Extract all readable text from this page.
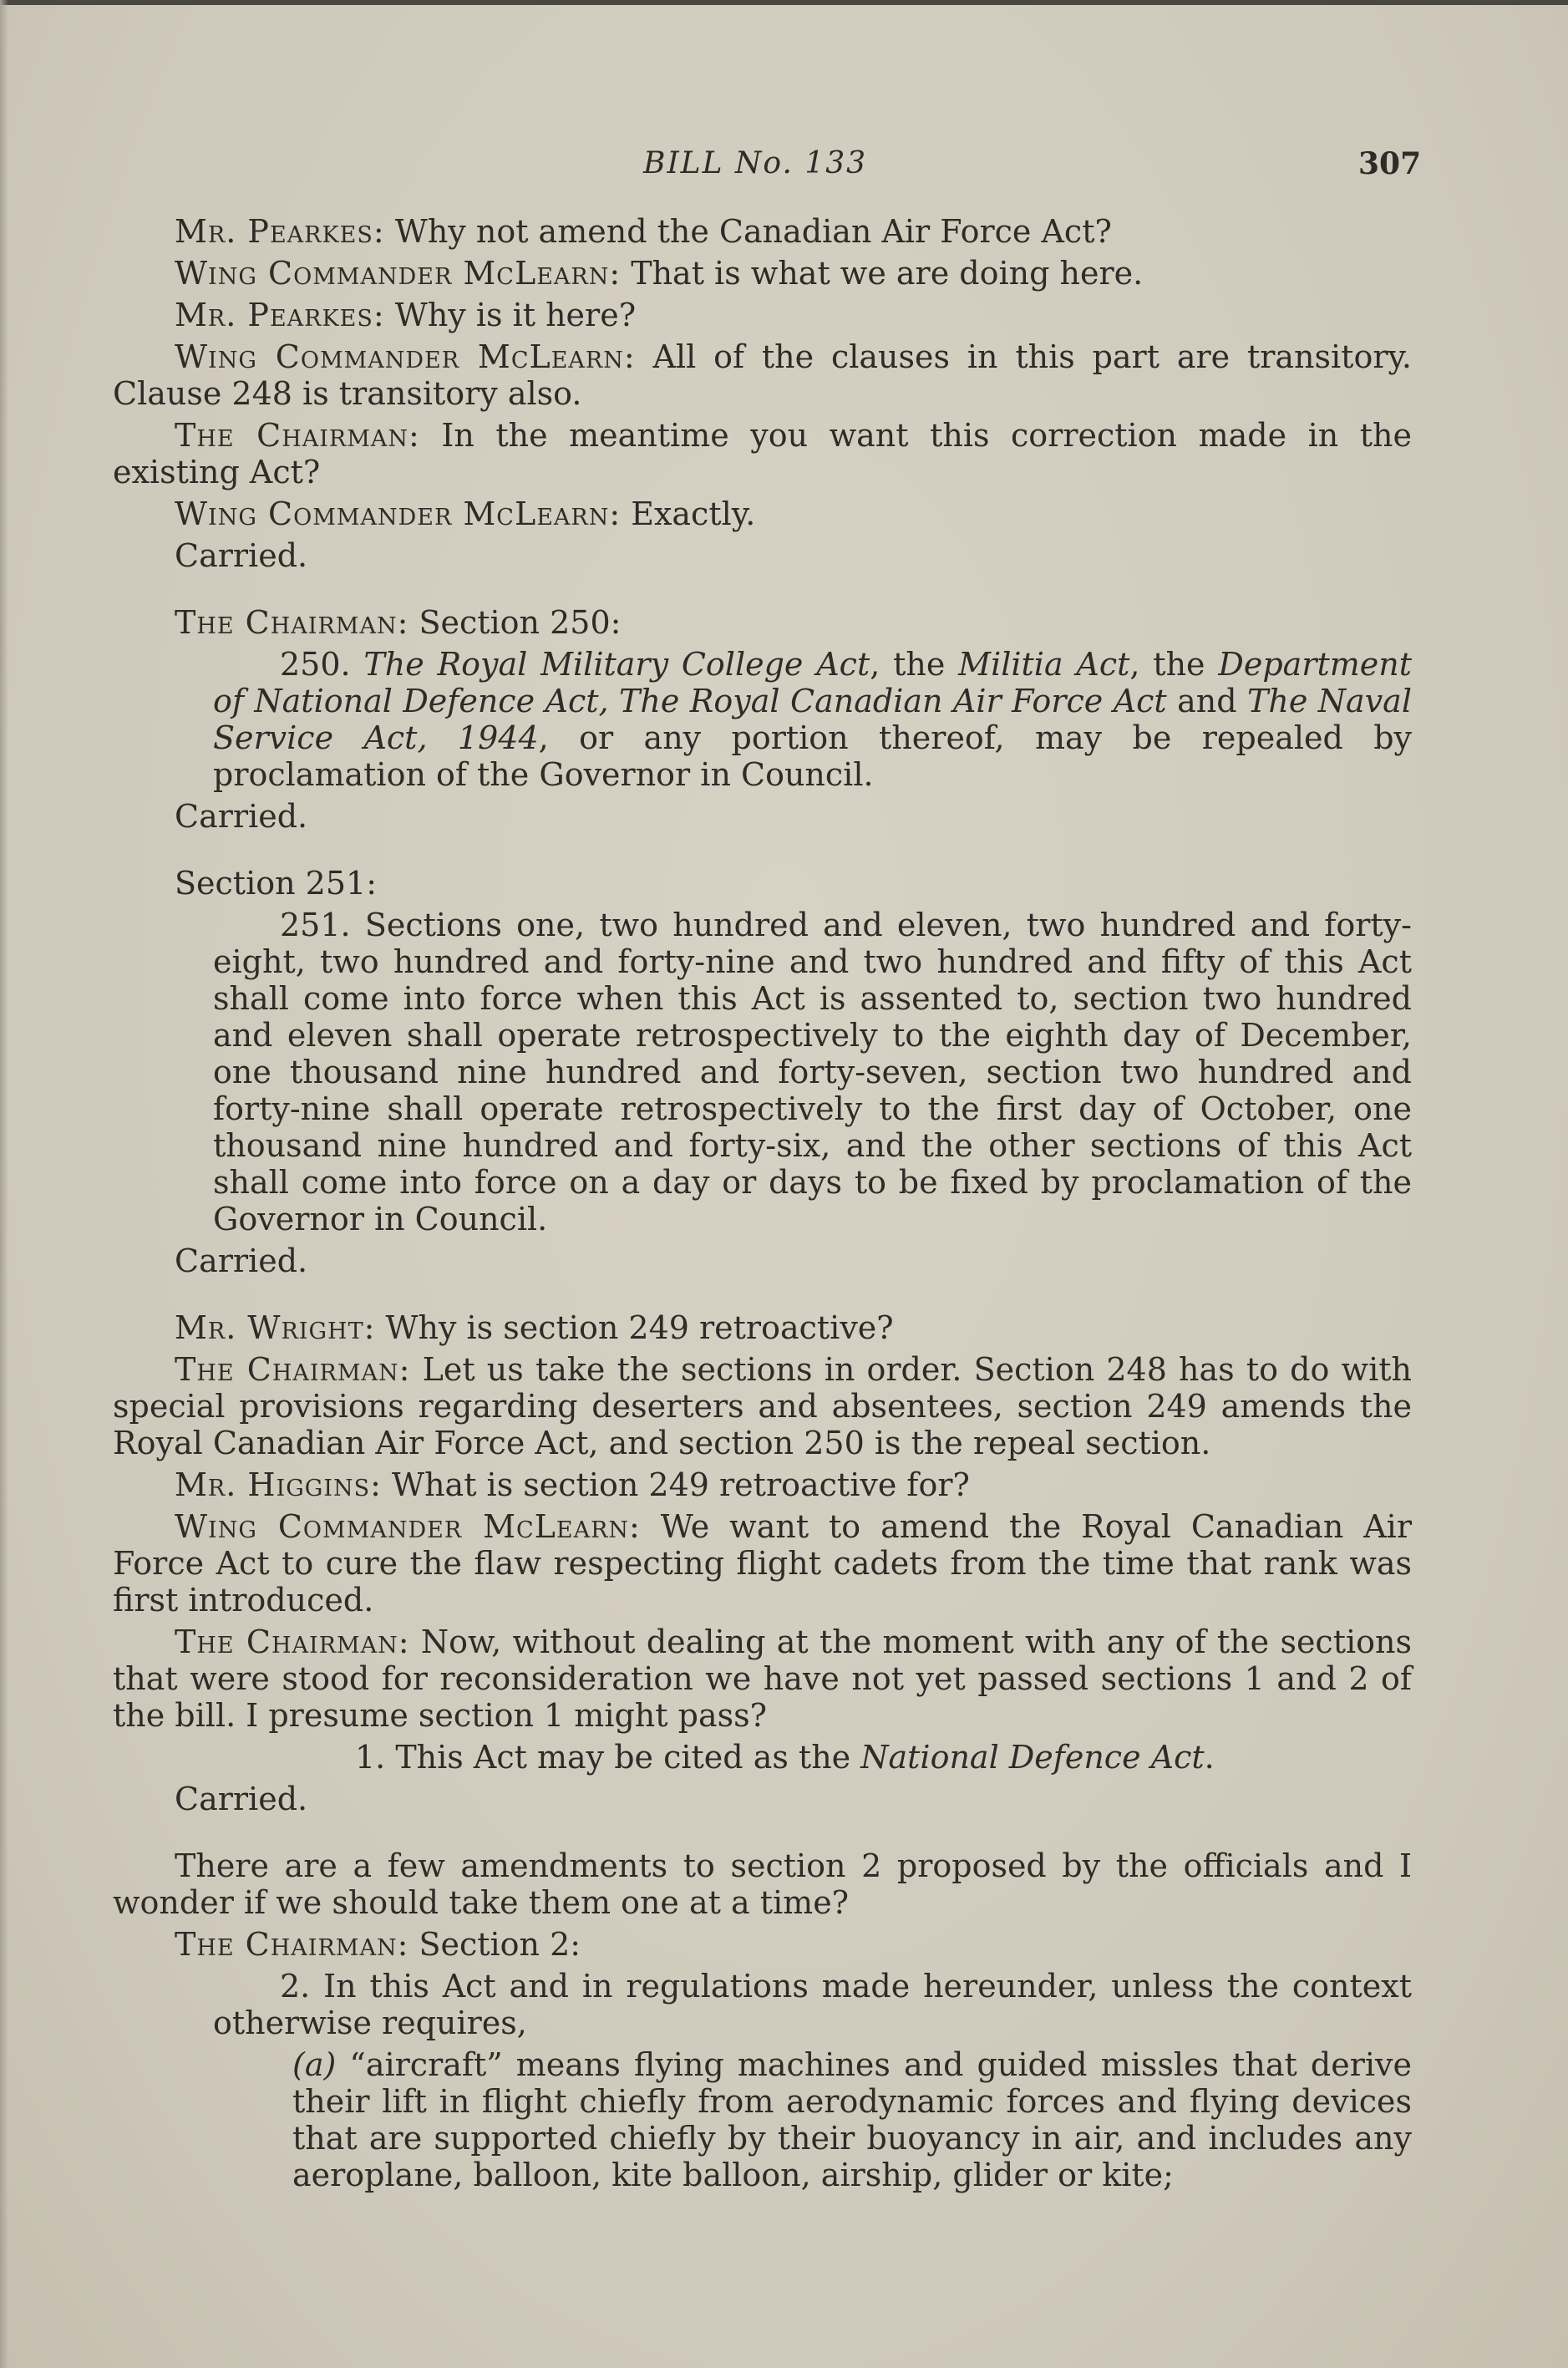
BILL No. 133	307

Mr. Pearkes: Why not amend the Canadian Air Force Act?

Wing Commander McLearn: That is what we are doing here.

Mr. Pearkes: Why is it here?

Wing Commander McLearn: All of the clauses in this part are transitory. Clause 248 is transitory also.

The Chairman: In the meantime you want this correction made in the existing Act?

Wing Commander McLearn: Exactly.

Carried.

The Chairman: Section 250:

250. The Royal Military College Act, the Militia Act, the Department of National Defence Act, The Royal Canadian Air Force Act and The Naval Service Act, 1944, or any portion thereof, may be repealed by proclamation of the Governor in Council.

Carried.

Section 251:

251. Sections one, two hundred and eleven, two hundred and forty-eight, two hundred and forty-nine and two hundred and fifty of this Act shall come into force when this Act is assented to, section two hundred and eleven shall operate retrospectively to the eighth day of December, one thousand nine hundred and forty-seven, section two hundred and forty-nine shall operate retrospectively to the first day of October, one thousand nine hundred and forty-six, and the other sections of this Act shall come into force on a day or days to be fixed by proclamation of the Governor in Council.

Carried.

Mr. Wright: Why is section 249 retroactive?

The Chairman: Let us take the sections in order. Section 248 has to do with special provisions regarding deserters and absentees, section 249 amends the Royal Canadian Air Force Act, and section 250 is the repeal section.

Mr. Higgins: What is section 249 retroactive for?

Wing Commander McLearn: We want to amend the Royal Canadian Air Force Act to cure the flaw respecting flight cadets from the time that rank was first introduced.

The Chairman: Now, without dealing at the moment with any of the sections that were stood for reconsideration we have not yet passed sections 1 and 2 of the bill. I presume section 1 might pass?

1. This Act may be cited as the National Defence Act.

Carried.

There are a few amendments to section 2 proposed by the officials and I wonder if we should take them one at a time?

The Chairman: Section 2:

2. In this Act and in regulations made hereunder, unless the context otherwise requires,

(a) “aircraft” means flying machines and guided missles that derive their lift in flight chiefly from aerodynamic forces and flying devices that are supported chiefly by their buoyancy in air, and includes any aeroplane, balloon, kite balloon, airship, glider or kite;
